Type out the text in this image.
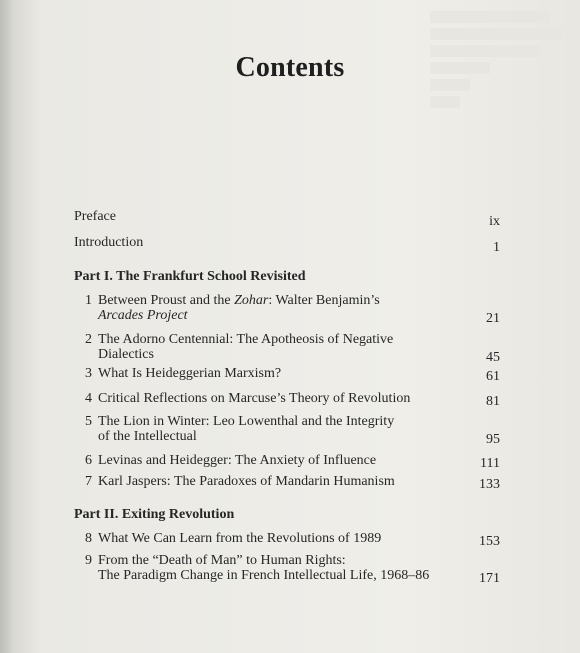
Contents
Preface	ix
Introduction	1
Part I. The Frankfurt School Revisited
1 Between Proust and the Zohar: Walter Benjamin’s
Arcades Project	21
2 The Adorno Centennial: The Apotheosis of Negative
Dialectics	45
3 What Is Heideggerian Marxism?	61
4 Critical Reflections on Marcuse’s Theory of Revolution	81
5 The Lion in Winter: Leo Lowenthal and the Integrity
of the Intellectual	95
6 Levinas and Heidegger: The Anxiety of Influence	111
7 Karl Jaspers: The Paradoxes of Mandarin Humanism	133
Part II. Exiting Revolution
8 What We Can Learn from the Revolutions of 1989	153
9 From the “Death of Man” to Human Rights:
The Paradigm Change in French Intellectual Life, 1968–86	171
